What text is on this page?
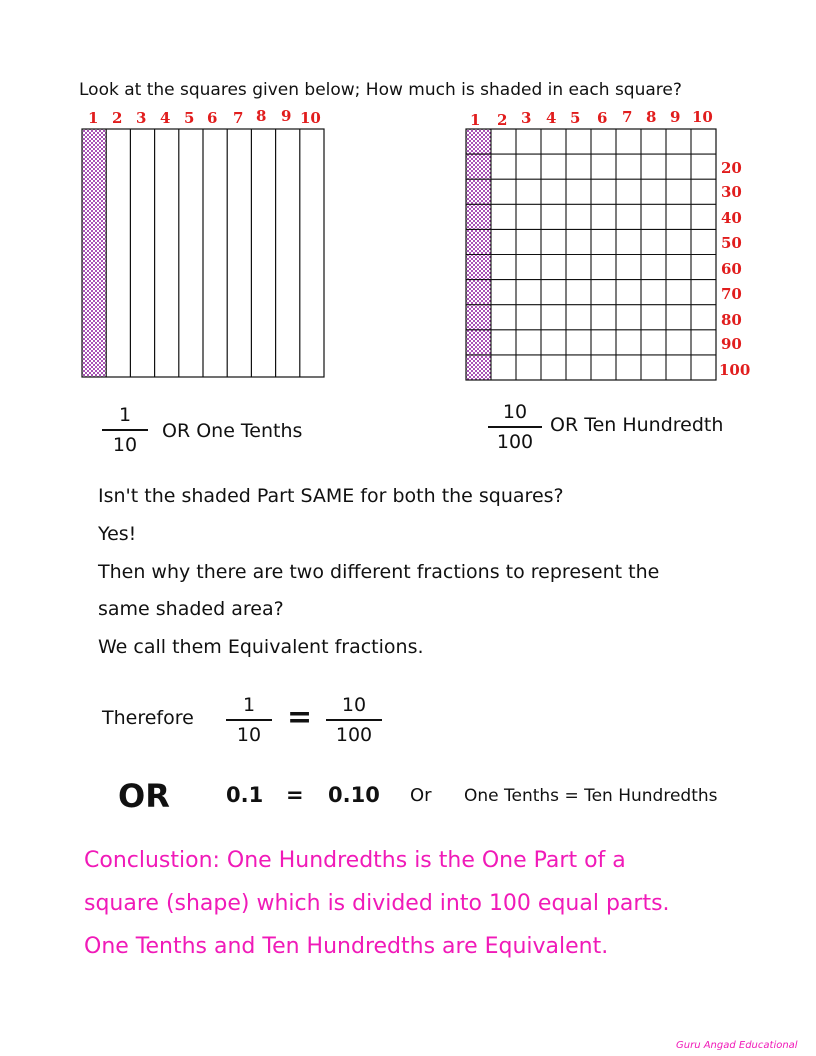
Look at the squares given below; How much is shaded in each square?
1 2 3 4 5 6 7 8 9 10	1 2 3 4 5 6 7 8 9 10
20
30
40
50
60
70
80
90
100
1
10
OR One Tenths
10
100
OR Ten Hundredth
Isn't the shaded Part SAME for both the squares?
Yes!
Then why there are two different fractions to represent the
same shaded area?
We call them Equivalent fractions.
Therefore
1
10 =	10
100
OR	0.1 = 0.10 Or One Tenths = Ten Hundredths
Conclustion: One Hundredths is the One Part of a
square (shape) which is divided into 100 equal parts.
One Tenths and Ten Hundredths are Equivalent.
Guru Angad Educational
